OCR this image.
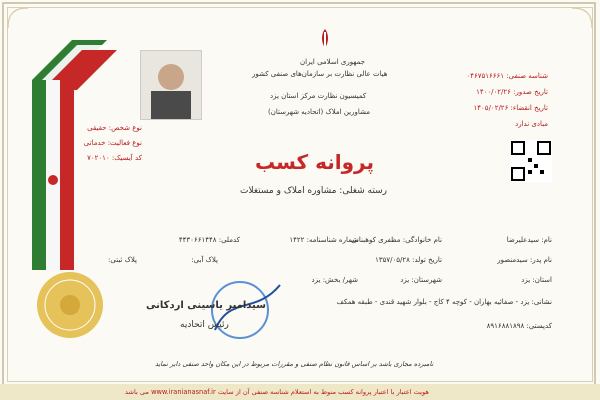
جمهوری اسلامی ایران
هیات عالی نظارت بر سازمان‌های صنفی کشور
کمیسیون نظارت مرکز استان یزد
مشاورین املاک (اتحادیه شهرستان)
شناسه صنفی: ۰۴۶۷۵۱۶۶۶۱
تاریخ صدور: ۱۴۰۰/۰۲/۲۶
تاریخ انقضاء: ۱۴۰۵/۰۲/۲۶
مبادی ندارد
نوع شخص: حقیقی
نوع فعالیت: خدماتی
کد آیسیک: ۷۰۲۰۱۰	پروانه کسب
رسته شغلی: مشاوره املاک و مستغلات
نام: سیدعلیرضا
نام خانوادگی: مظفری کوهبنانی
شماره شناسنامه: ۱۴۲۲
کدملی: ۴۴۳۰۶۶۱۴۴۸
نام پدر: سیدمنصور
تاریخ تولد: ۱۳۵۷/۰۵/۲۸
استان: یزد
شهرستان: یزد
شهر/ بخش: یزد
نشانی: یزد - صفائیه بهاران - کوچه ۴ کاج - بلوار شهید قندی - طبقه همکف
کدپستی: ۸۹۱۶۸۸۱۸۹۸
پلاک ثبتی:	پلاک آبی:
سیدامیر یاسینی اردکانی
رئیس اتحادیه
نامبرده مجازی باشد بر اساس قانون نظام صنفی و مقررات مربوط در این مکان واحد صنفی دایر نماید
هویت اعتبار با اعتبار پروانه کسب منوط به استعلام شناسه صنفی آن از سایت www.iranianasnaf.ir می باشد
